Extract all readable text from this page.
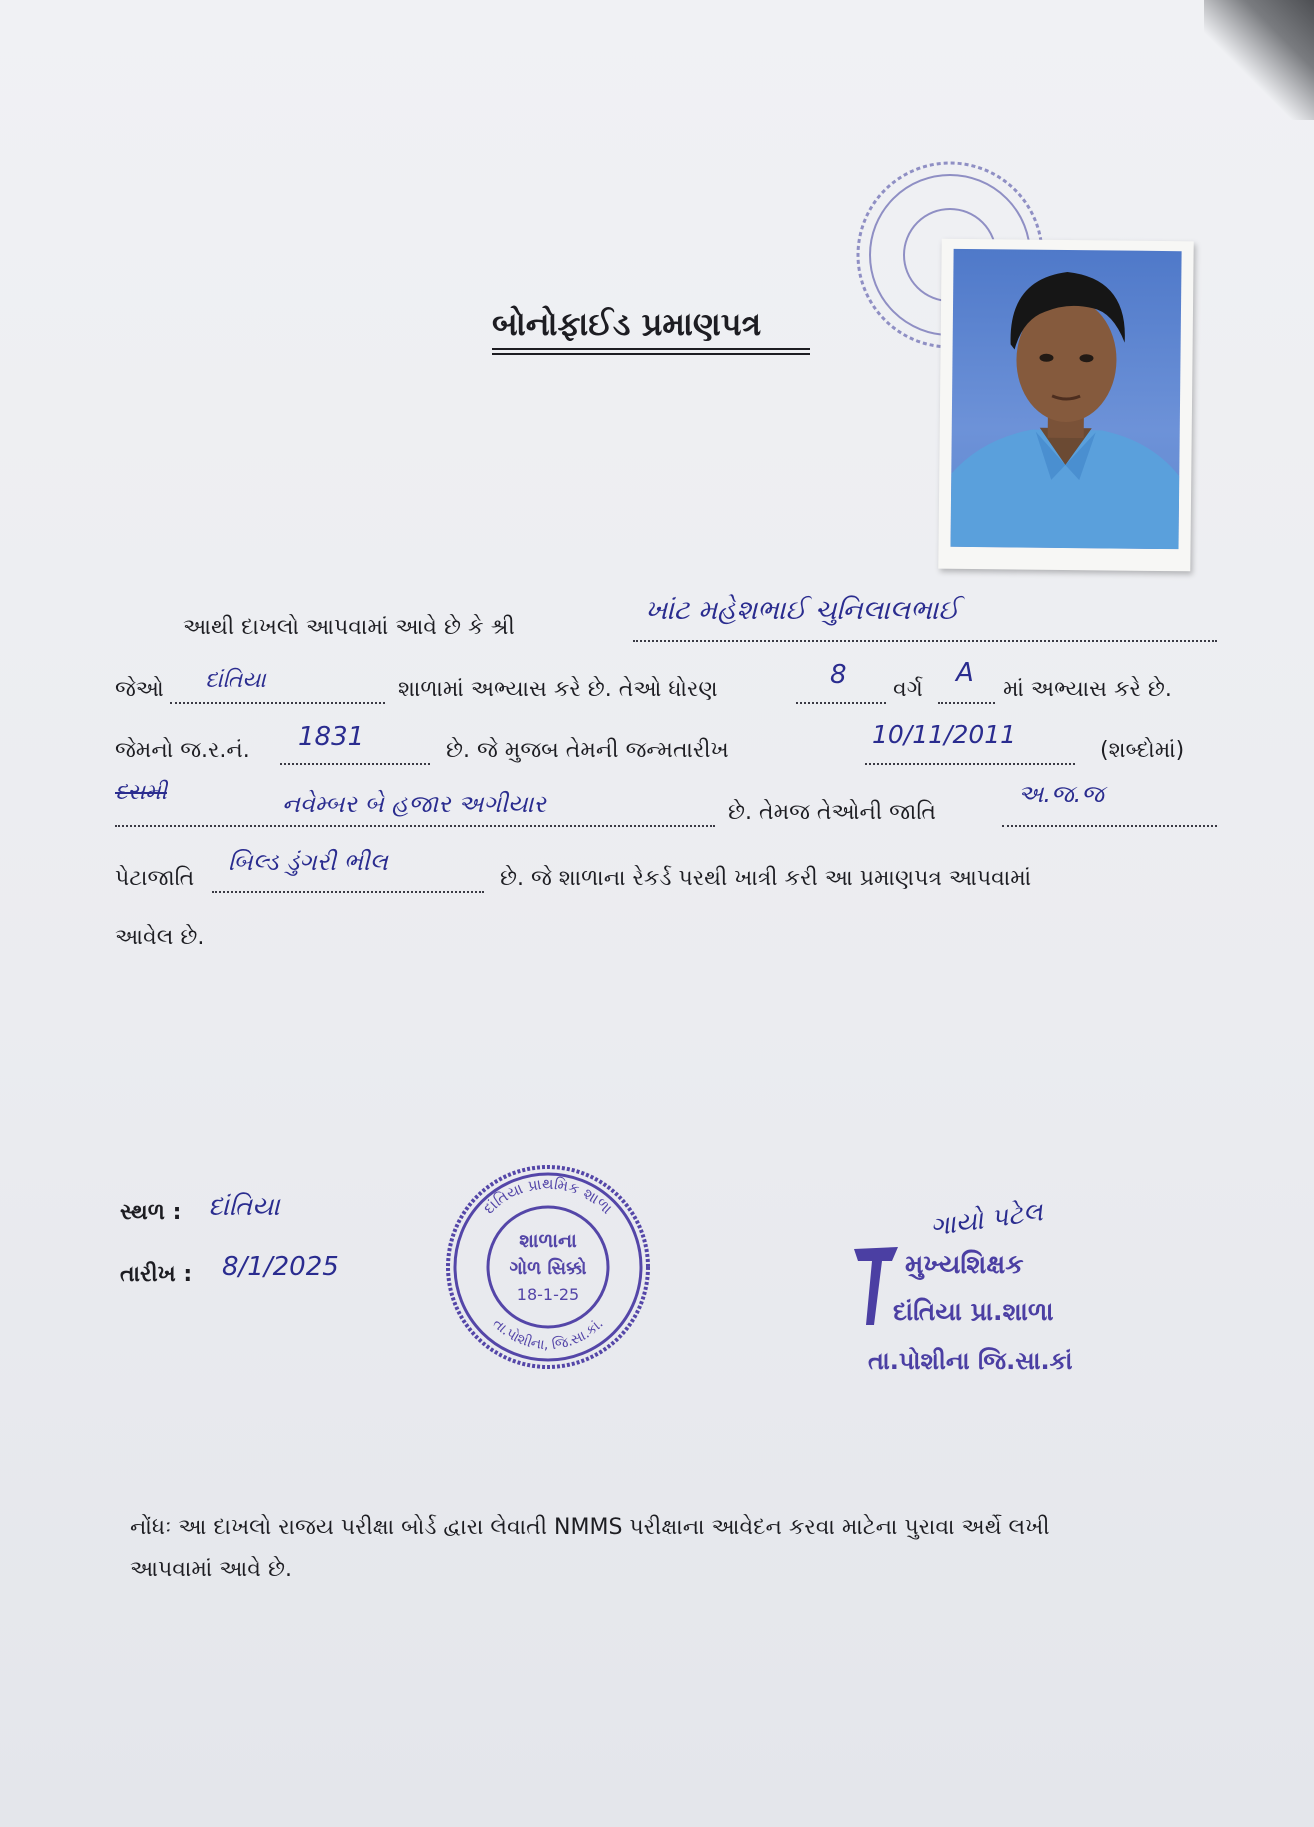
બોનોફાઈડ પ્રમાણપત્ર
આથી દાખલો આપવામાં આવે છે કે શ્રી
ખાંટ મહેશભાઈ ચુનિલાલભાઈ
જેઓ દાંતિયા	શાળામાં અભ્યાસ કરે છે. તેઓ ધોરણ	8 વર્ગ
A
માં અભ્યાસ કરે છે.
જેમનો જ.ર.નં. 1831	છે. જે મુજબ તેમની જન્મતારીખ
10/11/2011
(શબ્દોમાં)
દસમી	નવેમ્બર બે હજાર અગીયાર	છે. તેમજ તેઓની જાતિ
અ.જ.જ
પેટાજાતિ
બિલ્ડ ડુંગરી ભીલ
છે. જે શાળાના રેકર્ડ પરથી ખાત્રી કરી આ પ્રમાણપત્ર આપવામાં
આવેલ છે.
સ્થળ : દાંતિયા
તારીખ : 8/1/2025
દાંતિયા પ્રાથમિક શાળા
તા.પોશીના, જિ.સા.કાં.
શાળાના
ગોળ સિક્કો
18-1-25
ગાયો પટેલ
મુખ્યશિક્ષક
દાંતિયા પ્રા.શાળા
તા.પોશીના જિ.સા.કાં
નોંધઃ આ દાખલો રાજય પરીક્ષા બોર્ડ દ્વારા લેવાતી NMMS પરીક્ષાના આવેદન કરવા માટેના પુરાવા અર્થે લખી
આપવામાં આવે છે.
